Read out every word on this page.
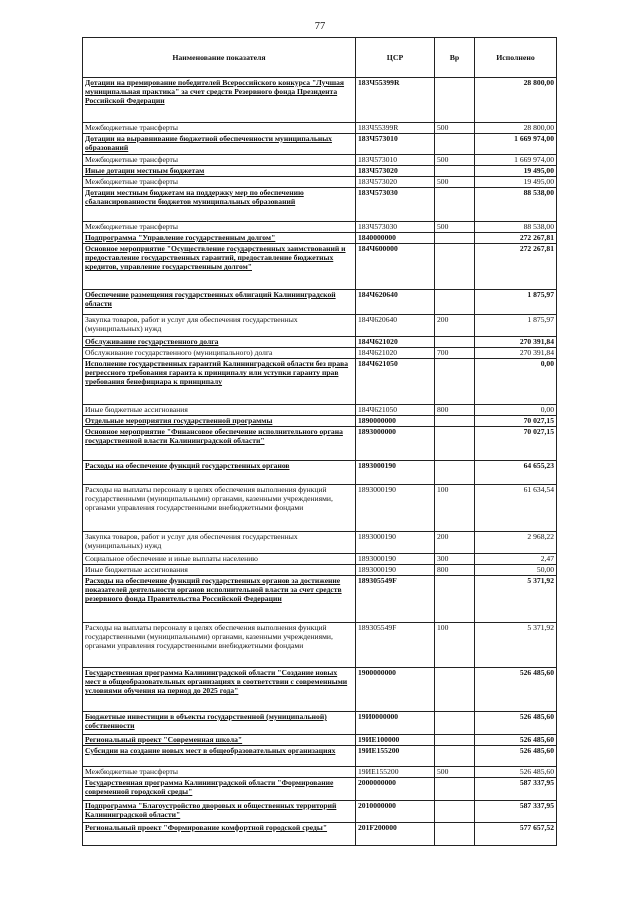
77
Наименование показателя	ЦСР	Вр	Исполнено
Дотации на премирование победителей Всероссийского конкурса "Лучшая муниципальная практика" за счет средств Резервного фонда Президента Российской Федерации	183Ч55399R		28 800,00
Межбюджетные трансферты	183Ч55399R	500	28 800,00
Дотации на выравнивание бюджетной обеспеченности муниципальных образований	183Ч573010		1 669 974,00
Межбюджетные трансферты	183Ч573010	500	1 669 974,00
Иные дотации местным бюджетам	183Ч573020		19 495,00
Межбюджетные трансферты	183Ч573020	500	19 495,00
Дотации местным бюджетам на поддержку мер по обеспечению сбалансированности бюджетов муниципальных образований	183Ч573030		88 538,00
Межбюджетные трансферты	183Ч573030	500	88 538,00
Подпрограмма "Управление государственным долгом"	1840000000		272 267,81
Основное мероприятие "Осуществление государственных заимствований и предоставление государственных гарантий, предоставление бюджетных кредитов, управление государственным долгом"	184Ч600000		272 267,81
Обеспечение размещения государственных облигаций Калининградской области	184Ч620640		1 875,97
Закупка товаров, работ и услуг для обеспечения государственных (муниципальных) нужд	184Ч620640	200	1 875,97
Обслуживание государственного долга	184Ч621020		270 391,84
Обслуживание государственного (муниципального) долга	184Ч621020	700	270 391,84
Исполнение государственных гарантий Калининградской области без права регрессного требования гаранта к принципалу или уступки гаранту прав требования бенефициара к принципалу	184Ч621050		0,00
Иные бюджетные ассигнования	184Ч621050	800	0,00
Отдельные мероприятия государственной программы	1890000000		70 027,15
Основное мероприятие "Финансовое обеспечение исполнительного органа государственной власти Калининградской области"	1893000000		70 027,15
Расходы на обеспечение функций государственных органов	1893000190		64 655,23
Расходы на выплаты персоналу в целях обеспечения выполнения функций государственными (муниципальными) органами, казенными учреждениями, органами управления государственными внебюджетными фондами	1893000190	100	61 634,54
Закупка товаров, работ и услуг для обеспечения государственных (муниципальных) нужд	1893000190	200	2 968,22
Социальное обеспечение и иные выплаты населению	1893000190	300	2,47
Иные бюджетные ассигнования	1893000190	800	50,00
Расходы на обеспечение функций государственных органов за достижение показателей деятельности органов исполнительной власти за счет средств резервного фонда Правительства Российской Федерации	189305549F		5 371,92
Расходы на выплаты персоналу в целях обеспечения выполнения функций государственными (муниципальными) органами, казенными учреждениями, органами управления государственными внебюджетными фондами	189305549F	100	5 371,92
Государственная программа Калининградской области "Создание новых мест в общеобразовательных организациях в соответствии с современными условиями обучения на период до 2025 года"	1900000000		526 485,60
Бюджетные инвестиции в объекты государственной (муниципальной) собственности	19И0000000		526 485,60
Региональный проект "Современная школа"	19ИЕ100000		526 485,60
Субсидии на создание новых мест в общеобразовательных организациях	19ИЕ155200		526 485,60
Межбюджетные трансферты	19ИЕ155200	500	526 485,60
Государственная программа Калининградской области "Формирование современной городской среды"	2000000000		587 337,95
Подпрограмма "Благоустройство дворовых и общественных территорий Калининградской области"	2010000000		587 337,95
Региональный проект "Формирование комфортной городской среды"	201F200000		577 657,52
